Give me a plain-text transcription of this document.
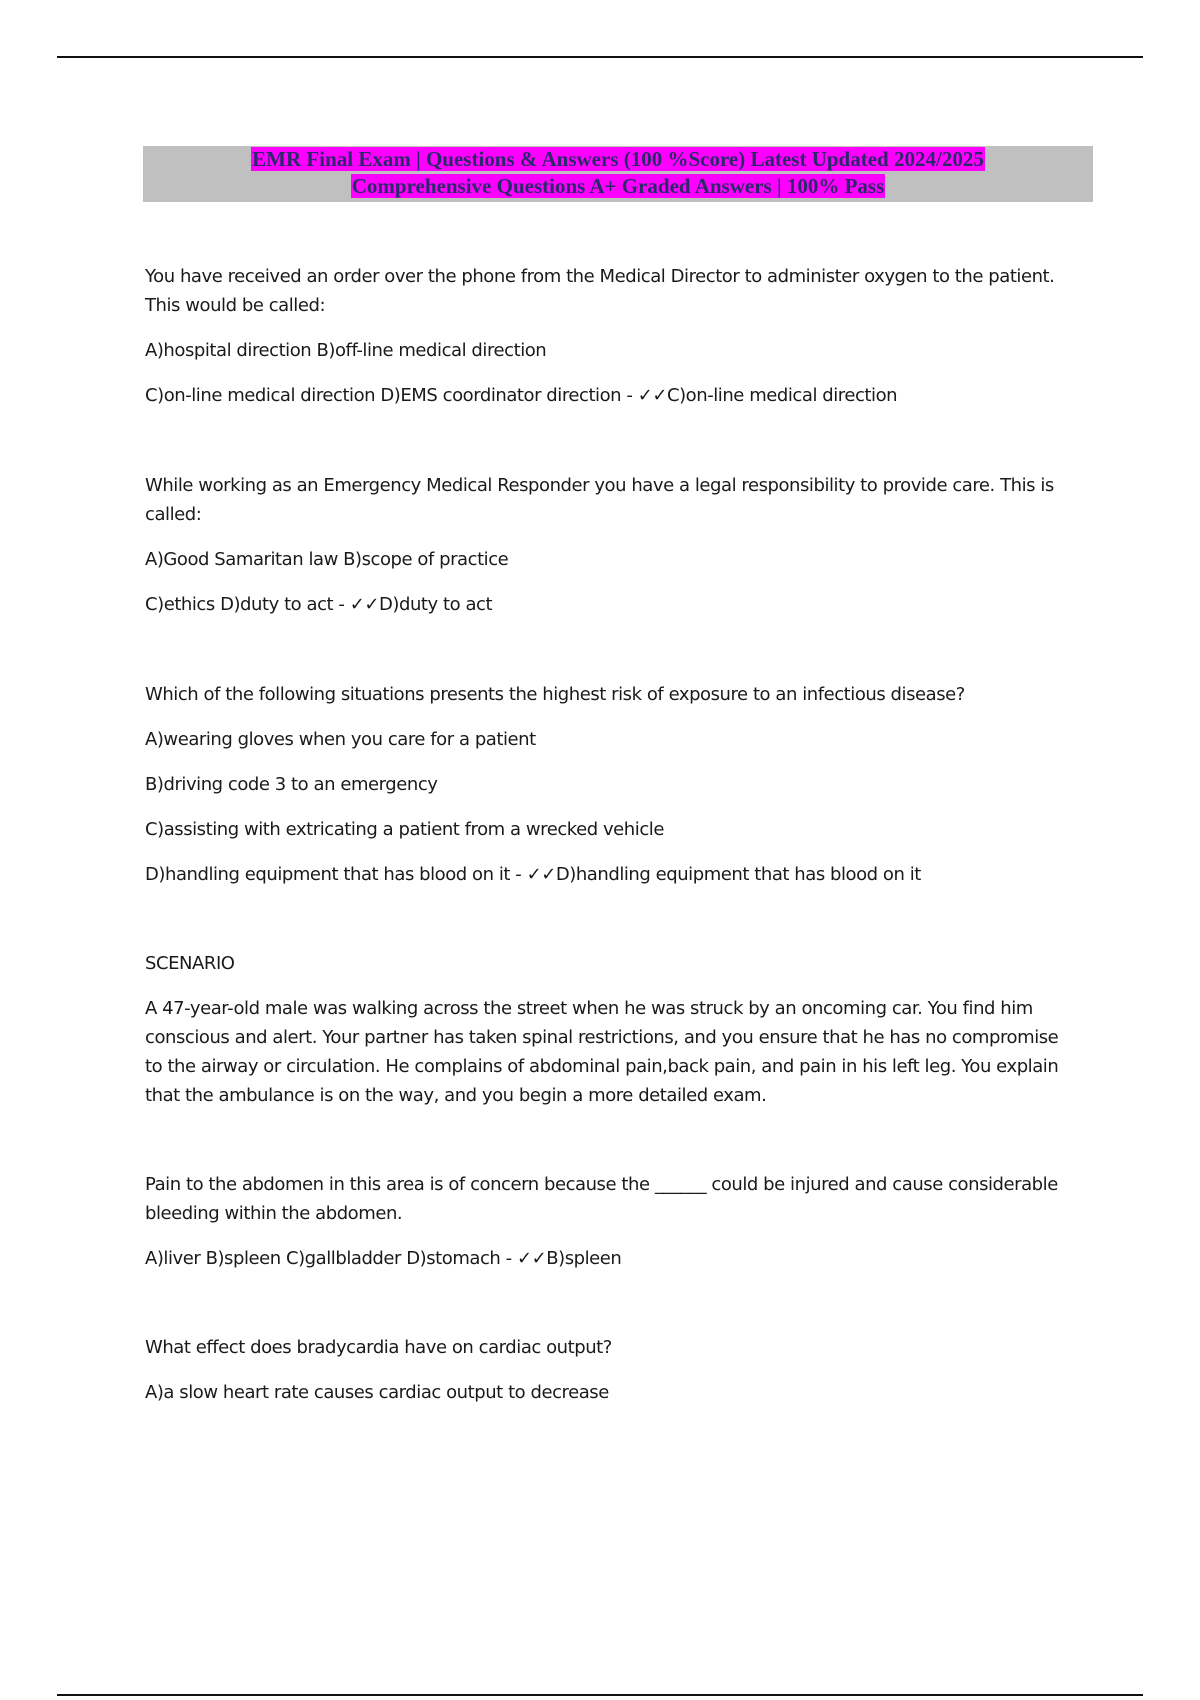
EMR Final Exam | Questions & Answers (100 %Score) Latest Updated 2024/2025
Comprehensive Questions A+ Graded Answers | 100% Pass

You have received an order over the phone from the Medical Director to administer oxygen to the patient. This would be called:

A)hospital direction B)off-line medical direction

C)on-line medical direction D)EMS coordinator direction - ✓✓C)on-line medical direction

While working as an Emergency Medical Responder you have a legal responsibility to provide care. This is called:

A)Good Samaritan law B)scope of practice

C)ethics D)duty to act - ✓✓D)duty to act

Which of the following situations presents the highest risk of exposure to an infectious disease?

A)wearing gloves when you care for a patient

B)driving code 3 to an emergency

C)assisting with extricating a patient from a wrecked vehicle

D)handling equipment that has blood on it - ✓✓D)handling equipment that has blood on it

SCENARIO

A 47-year-old male was walking across the street when he was struck by an oncoming car. You find him conscious and alert. Your partner has taken spinal restrictions, and you ensure that he has no compromise to the airway or circulation. He complains of abdominal pain,back pain, and pain in his left leg. You explain that the ambulance is on the way, and you begin a more detailed exam.

Pain to the abdomen in this area is of concern because the ______ could be injured and cause considerable bleeding within the abdomen.

A)liver B)spleen C)gallbladder D)stomach - ✓✓B)spleen

What effect does bradycardia have on cardiac output?

A)a slow heart rate causes cardiac output to decrease
